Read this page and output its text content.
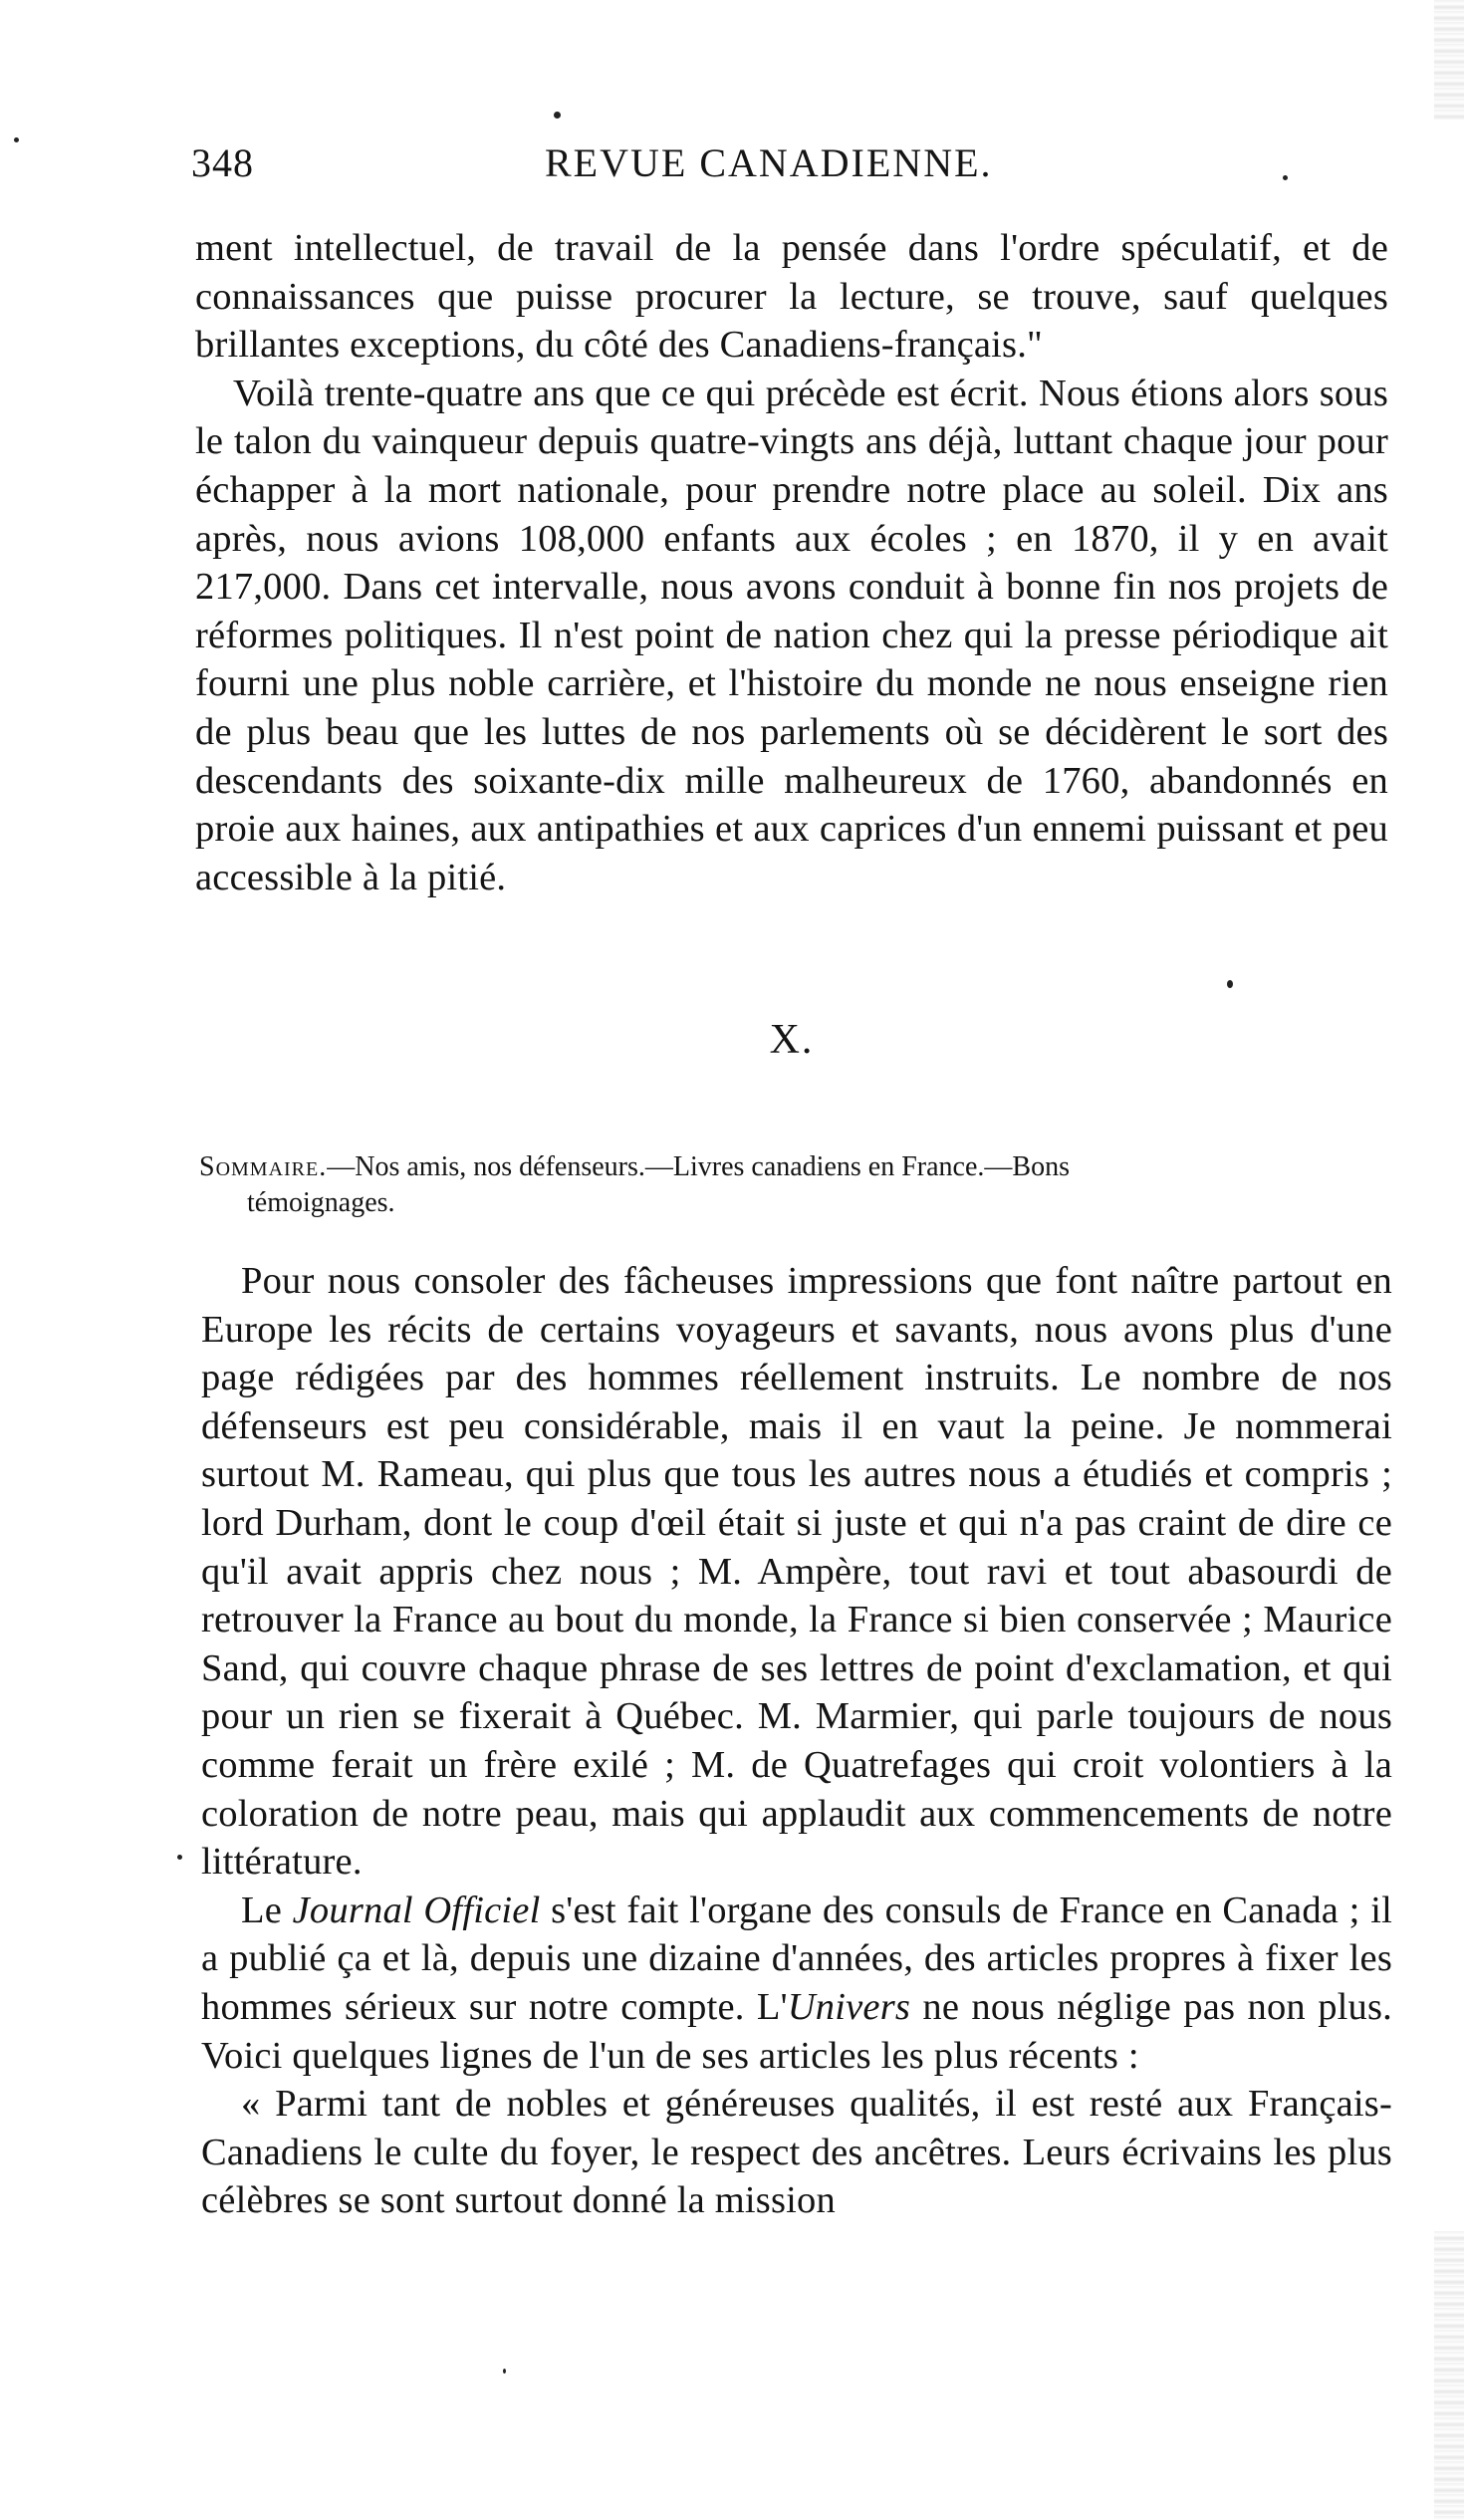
348	REVUE CANADIENNE.

ment intellectuel, de travail de la pensée dans l'ordre spéculatif, et de connaissances que puisse procurer la lecture, se trouve, sauf quelques brillantes exceptions, du côté des Canadiens-français."

Voilà trente-quatre ans que ce qui précède est écrit. Nous étions alors sous le talon du vainqueur depuis quatre-vingts ans déjà, luttant chaque jour pour échapper à la mort nationale, pour prendre notre place au soleil. Dix ans après, nous avions 108,000 enfants aux écoles ; en 1870, il y en avait 217,000. Dans cet intervalle, nous avons conduit à bonne fin nos projets de réformes politiques. Il n'est point de nation chez qui la presse périodique ait fourni une plus noble carrière, et l'histoire du monde ne nous enseigne rien de plus beau que les luttes de nos parlements où se décidèrent le sort des descendants des soixante-dix mille malheureux de 1760, abandonnés en proie aux haines, aux antipathies et aux caprices d'un ennemi puissant et peu accessible à la pitié.

X.
Sommaire.—Nos amis, nos défenseurs.—Livres canadiens en France.—Bons
témoignages.

Pour nous consoler des fâcheuses impressions que font naître partout en Europe les récits de certains voyageurs et savants, nous avons plus d'une page rédigées par des hommes réellement instruits. Le nombre de nos défenseurs est peu considérable, mais il en vaut la peine. Je nommerai surtout M. Rameau, qui plus que tous les autres nous a étudiés et compris ; lord Durham, dont le coup d'œil était si juste et qui n'a pas craint de dire ce qu'il avait appris chez nous ; M. Ampère, tout ravi et tout abasourdi de retrouver la France au bout du monde, la France si bien conservée ; Maurice Sand, qui couvre chaque phrase de ses lettres de point d'exclamation, et qui pour un rien se fixerait à Québec. M. Marmier, qui parle toujours de nous comme ferait un frère exilé ; M. de Quatrefages qui croit volontiers à la coloration de notre peau, mais qui applaudit aux commencements de notre littérature.

Le Journal Officiel s'est fait l'organe des consuls de France en Canada ; il a publié ça et là, depuis une dizaine d'années, des articles propres à fixer les hommes sérieux sur notre compte. L'Univers ne nous néglige pas non plus. Voici quelques lignes de l'un de ses articles les plus récents :

« Parmi tant de nobles et généreuses qualités, il est resté aux Français-Canadiens le culte du foyer, le respect des ancêtres. Leurs écrivains les plus célèbres se sont surtout donné la mission
